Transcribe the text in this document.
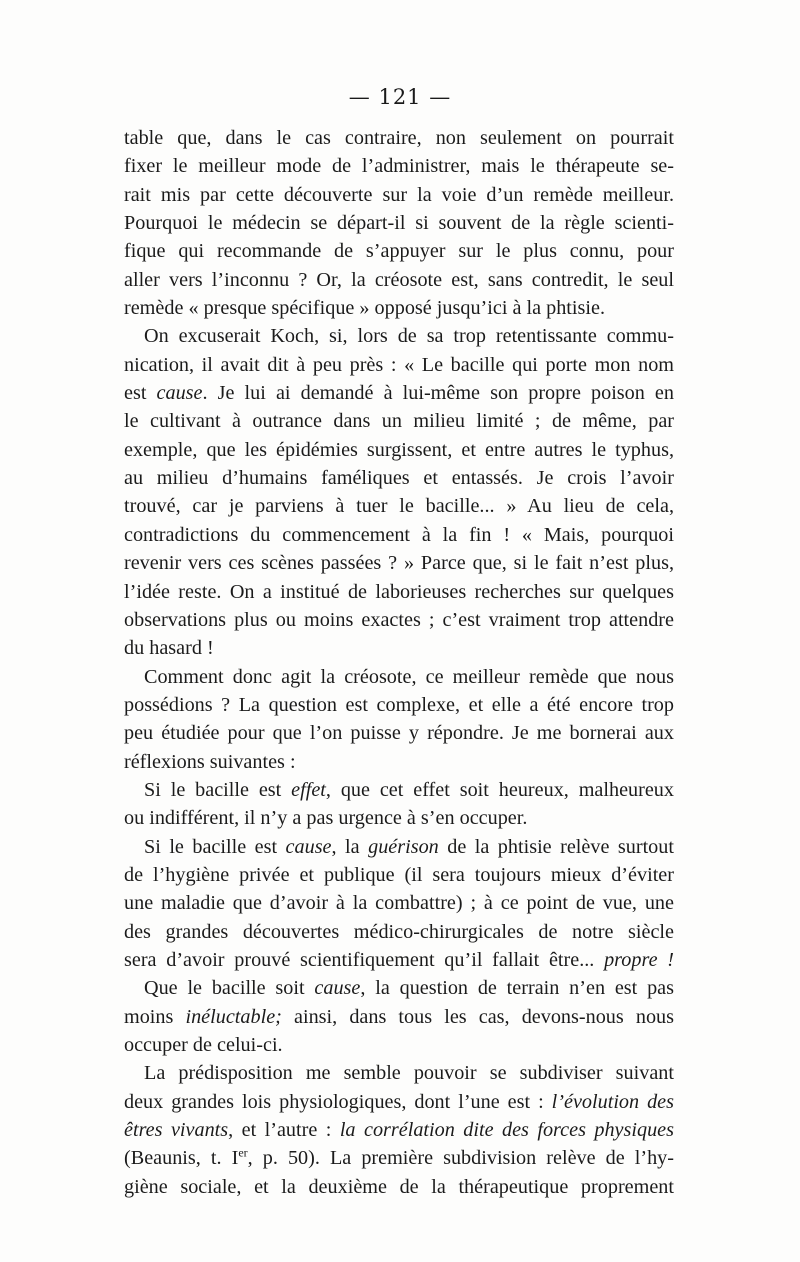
— 121 —
table que, dans le cas contraire, non seulement on pourrait
fixer le meilleur mode de l’administrer, mais le thérapeute se-
rait mis par cette découverte sur la voie d’un remède meilleur.
Pourquoi le médecin se départ-il si souvent de la règle scienti-
fique qui recommande de s’appuyer sur le plus connu, pour
aller vers l’inconnu ? Or, la créosote est, sans contredit, le seul
remède « presque spécifique » opposé jusqu’ici à la phtisie.
On excuserait Koch, si, lors de sa trop retentissante commu-
nication, il avait dit à peu près : « Le bacille qui porte mon nom
est cause. Je lui ai demandé à lui-même son propre poison en
le cultivant à outrance dans un milieu limité ; de même, par
exemple, que les épidémies surgissent, et entre autres le typhus,
au milieu d’humains faméliques et entassés. Je crois l’avoir
trouvé, car je parviens à tuer le bacille... » Au lieu de cela,
contradictions du commencement à la fin ! « Mais, pourquoi
revenir vers ces scènes passées ? » Parce que, si le fait n’est plus,
l’idée reste. On a institué de laborieuses recherches sur quelques
observations plus ou moins exactes ; c’est vraiment trop attendre
du hasard !
Comment donc agit la créosote, ce meilleur remède que nous
possédions ? La question est complexe, et elle a été encore trop
peu étudiée pour que l’on puisse y répondre. Je me bornerai aux
réflexions suivantes :
Si le bacille est effet, que cet effet soit heureux, malheureux
ou indifférent, il n’y a pas urgence à s’en occuper.
Si le bacille est cause, la guérison de la phtisie relève surtout
de l’hygiène privée et publique (il sera toujours mieux d’éviter
une maladie que d’avoir à la combattre) ; à ce point de vue, une
des grandes découvertes médico-chirurgicales de notre siècle
sera d’avoir prouvé scientifiquement qu’il fallait être... propre !
Que le bacille soit cause, la question de terrain n’en est pas
moins inéluctable; ainsi, dans tous les cas, devons-nous nous
occuper de celui-ci.
La prédisposition me semble pouvoir se subdiviser suivant
deux grandes lois physiologiques, dont l’une est : l’évolution des
êtres vivants, et l’autre : la corrélation dite des forces physiques
(Beaunis, t. Ier, p. 50). La première subdivision relève de l’hy-
giène sociale, et la deuxième de la thérapeutique proprement
